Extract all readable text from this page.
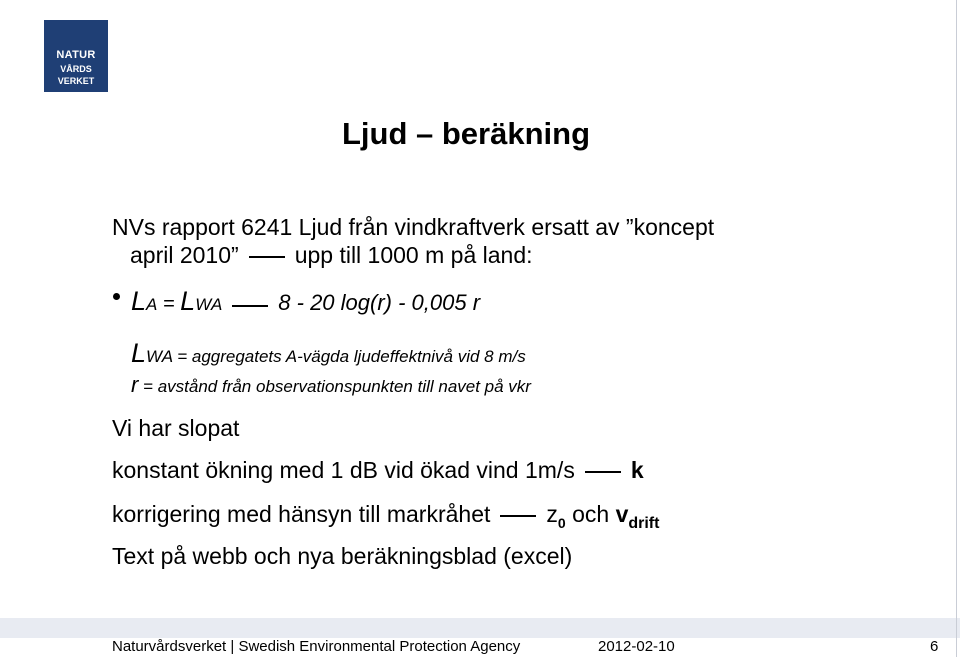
NATUR
VÅRDS
VERKET
Ljud – beräkning
NVs rapport 6241 Ljud från vindkraftverk ersatt av ”koncept
april 2010” upp till 1000 m på land:
LA = LWA	8 - 20 log(r) - 0,005 r
LWA = aggregatets A-vägda ljudeffektnivå vid 8 m/s
r = avstånd från observationspunkten till navet på vkr
Vi har slopat
konstant ökning med 1 dB vid ökad vind 1m/s k
korrigering med hänsyn till markråhet $z_0$ och $v_{drift}$
Text på webb och nya beräkningsblad (excel)
Naturvårdsverket | Swedish Environmental Protection Agency	2012-02-10	6
